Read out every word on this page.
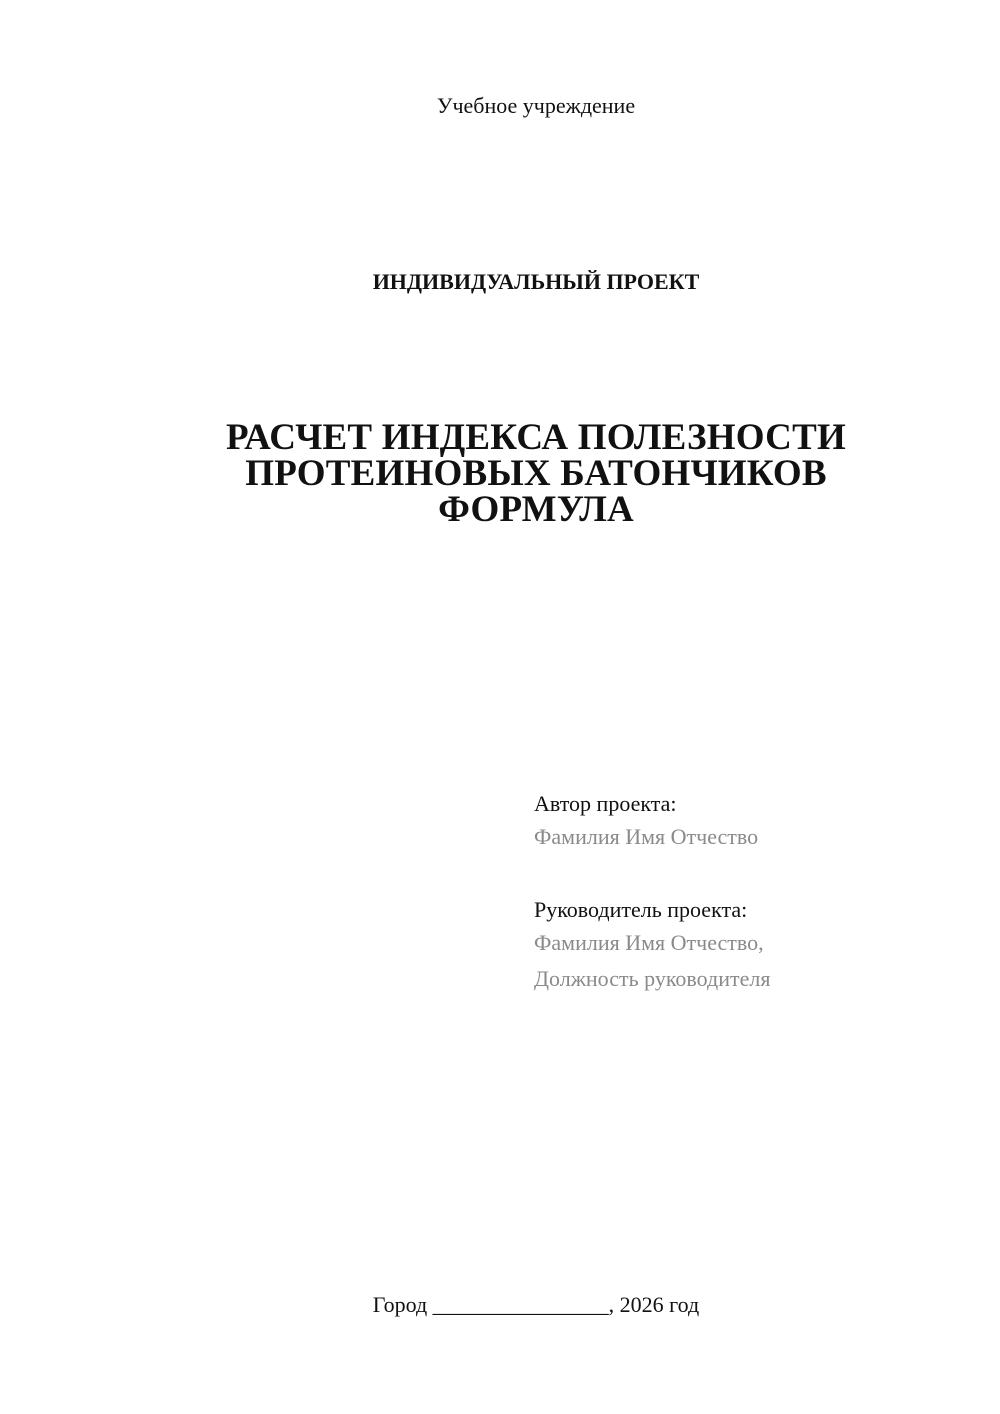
Учебное учреждение
ИНДИВИДУАЛЬНЫЙ ПРОЕКТ
РАСЧЕТ ИНДЕКСА ПОЛЕЗНОСТИ
ПРОТЕИНОВЫХ БАТОНЧИКОВ
ФОРМУЛА
Автор проекта:
Фамилия Имя Отчество
Руководитель проекта:
Фамилия Имя Отчество,
Должность руководителя
Город ________________, 2026 год
